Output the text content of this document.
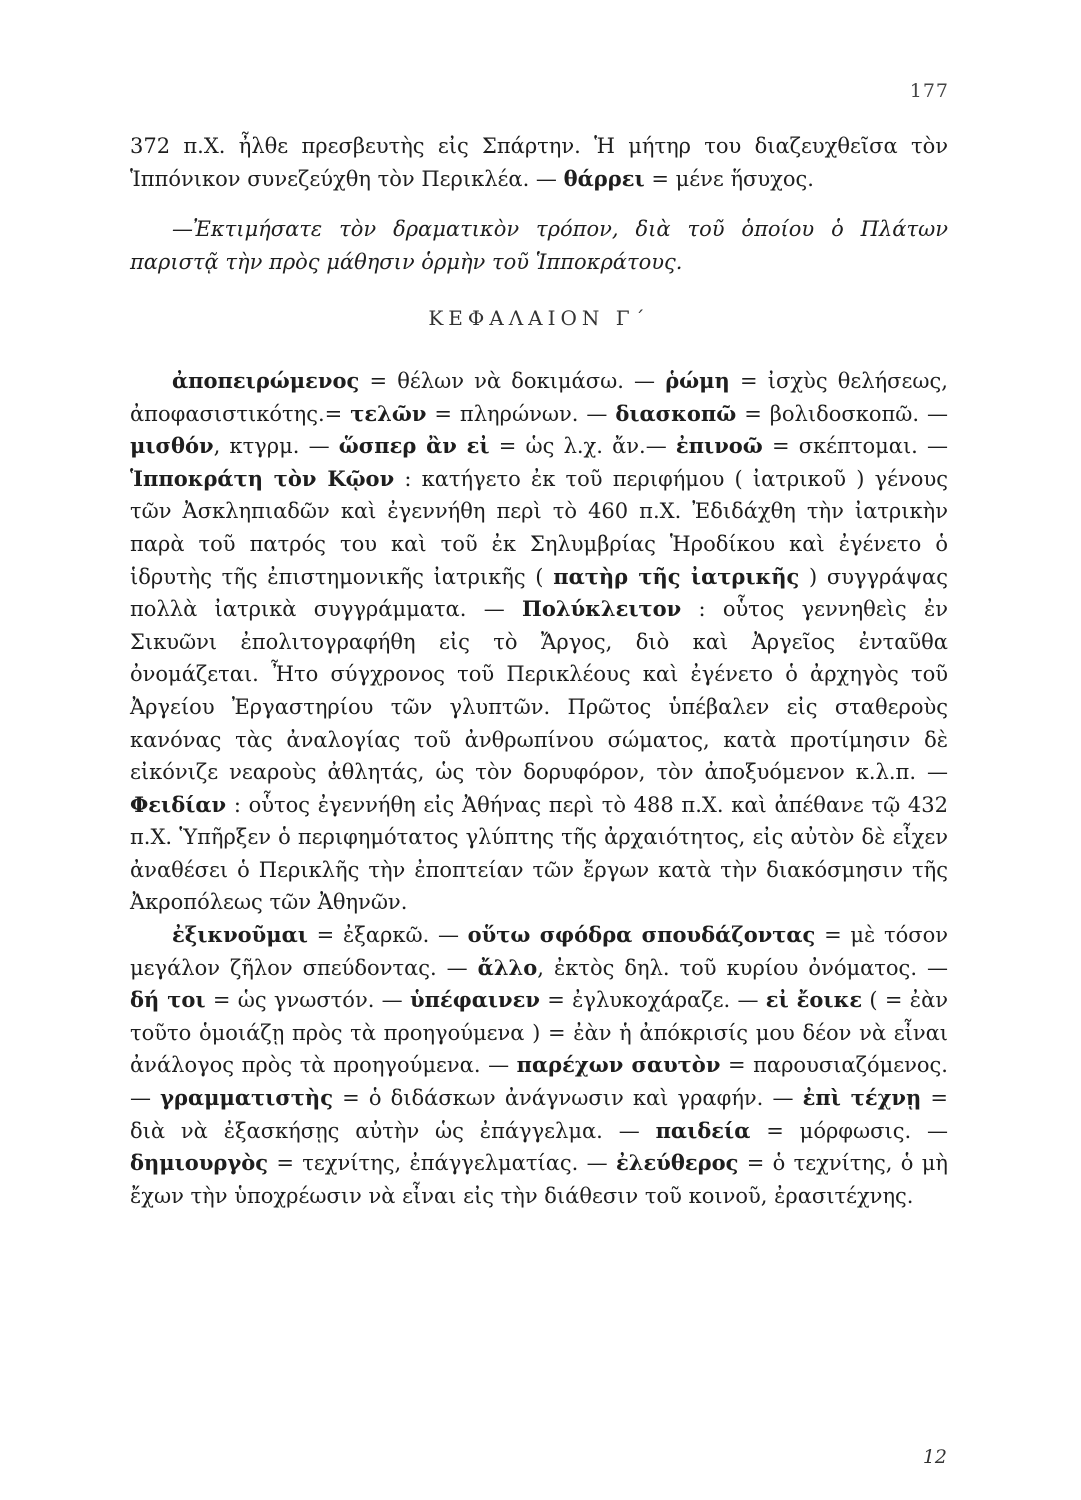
177

372 π.Χ. ἦλθε πρεσβευτὴς εἰς Σπάρτην. Ἡ μήτηρ του διαζευχθεῖσα τὸν Ἱππόνικον συνεζεύχθη τὸν Περικλέα. — θάρρει = μένε ἥσυχος.

—Ἐκτιμήσατε τὸν δραματικὸν τρόπον, διὰ τοῦ ὁποίου ὁ Πλάτων παριστᾷ τὴν πρὸς μάθησιν ὁρμὴν τοῦ Ἱπποκράτους.

ΚΕΦΑΛΑΙΟΝ Γ΄

ἀποπειρώμενος = θέλων νὰ δοκιμάσω. — ῥώμη = ἰσχὺς θελήσεως, ἀποφασιστικότης.= τελῶν = πληρώνων. — διασκοπῶ = βολιδοσκοπῶ. — μισθόν, κτγρμ. — ὥσπερ ἂν εἰ = ὡς λ.χ. ἄν.— ἐπινοῶ = σκέπτομαι. — Ἱπποκράτη τὸν Κῷον : κατήγετο ἐκ τοῦ περιφήμου ( ἰατρικοῦ ) γένους τῶν Ἀσκληπιαδῶν καὶ ἐγεννήθη περὶ τὸ 460 π.Χ. Ἐδιδάχθη τὴν ἰατρικὴν παρὰ τοῦ πατρός του καὶ τοῦ ἐκ Σηλυμβρίας Ἡροδίκου καὶ ἐγένετο ὁ ἱδρυτὴς τῆς ἐπιστημονικῆς ἰατρικῆς ( πατὴρ τῆς ἰατρικῆς ) συγγράψας πολλὰ ἰατρικὰ συγγράμματα. — Πολύκλειτον : οὗτος γεννηθεὶς ἐν Σικυῶνι ἐπολιτογραφήθη εἰς τὸ Ἄργος, διὸ καὶ Ἀργεῖος ἐνταῦθα ὀνομάζεται. Ἦτο σύγχρονος τοῦ Περικλέους καὶ ἐγένετο ὁ ἀρχηγὸς τοῦ Ἀργείου Ἐργαστηρίου τῶν γλυπτῶν. Πρῶτος ὑπέβαλεν εἰς σταθεροὺς κανόνας τὰς ἀναλογίας τοῦ ἀνθρωπίνου σώματος, κατὰ προτίμησιν δὲ εἰκόνιζε νεαροὺς ἀθλητάς, ὡς τὸν δορυφόρον, τὸν ἀποξυόμενον κ.λ.π. — Φειδίαν : οὗτος ἐγεννήθη εἰς Ἀθήνας περὶ τὸ 488 π.Χ. καὶ ἀπέθανε τῷ 432 π.Χ. Ὑπῆρξεν ὁ περιφημότατος γλύπτης τῆς ἀρχαιότητος, εἰς αὐτὸν δὲ εἶχεν ἀναθέσει ὁ Περικλῆς τὴν ἐποπτείαν τῶν ἔργων κατὰ τὴν διακόσμησιν τῆς Ἀκροπόλεως τῶν Ἀθηνῶν.

ἐξικνοῦμαι = ἐξαρκῶ. — οὕτω σφόδρα σπουδάζοντας = μὲ τόσον μεγάλον ζῆλον σπεύδοντας. — ἄλλο, ἐκτὸς δηλ. τοῦ κυρίου ὀνόματος. — δή τοι = ὡς γνωστόν. — ὑπέφαινεν = ἐγλυκοχάραζε. — εἰ ἔοικε ( = ἐὰν τοῦτο ὁμοιάζῃ πρὸς τὰ προηγούμενα ) = ἐὰν ἡ ἀπόκρισίς μου δέον νὰ εἶναι ἀνάλογος πρὸς τὰ προηγούμενα. — παρέχων σαυτὸν = παρουσιαζόμενος. — γραμματιστὴς = ὁ διδάσκων ἀνάγνωσιν καὶ γραφήν. — ἐπὶ τέχνῃ = διὰ νὰ ἐξασκήσῃς αὐτὴν ὡς ἐπάγγελμα. — παιδεία = μόρφωσις. — δημιουργὸς = τεχνίτης, ἐπάγγελματίας. — ἐλεύθερος = ὁ τεχνίτης, ὁ μὴ ἔχων τὴν ὑποχρέωσιν νὰ εἶναι εἰς τὴν διάθεσιν τοῦ κοινοῦ, ἐρασιτέχνης.

12
